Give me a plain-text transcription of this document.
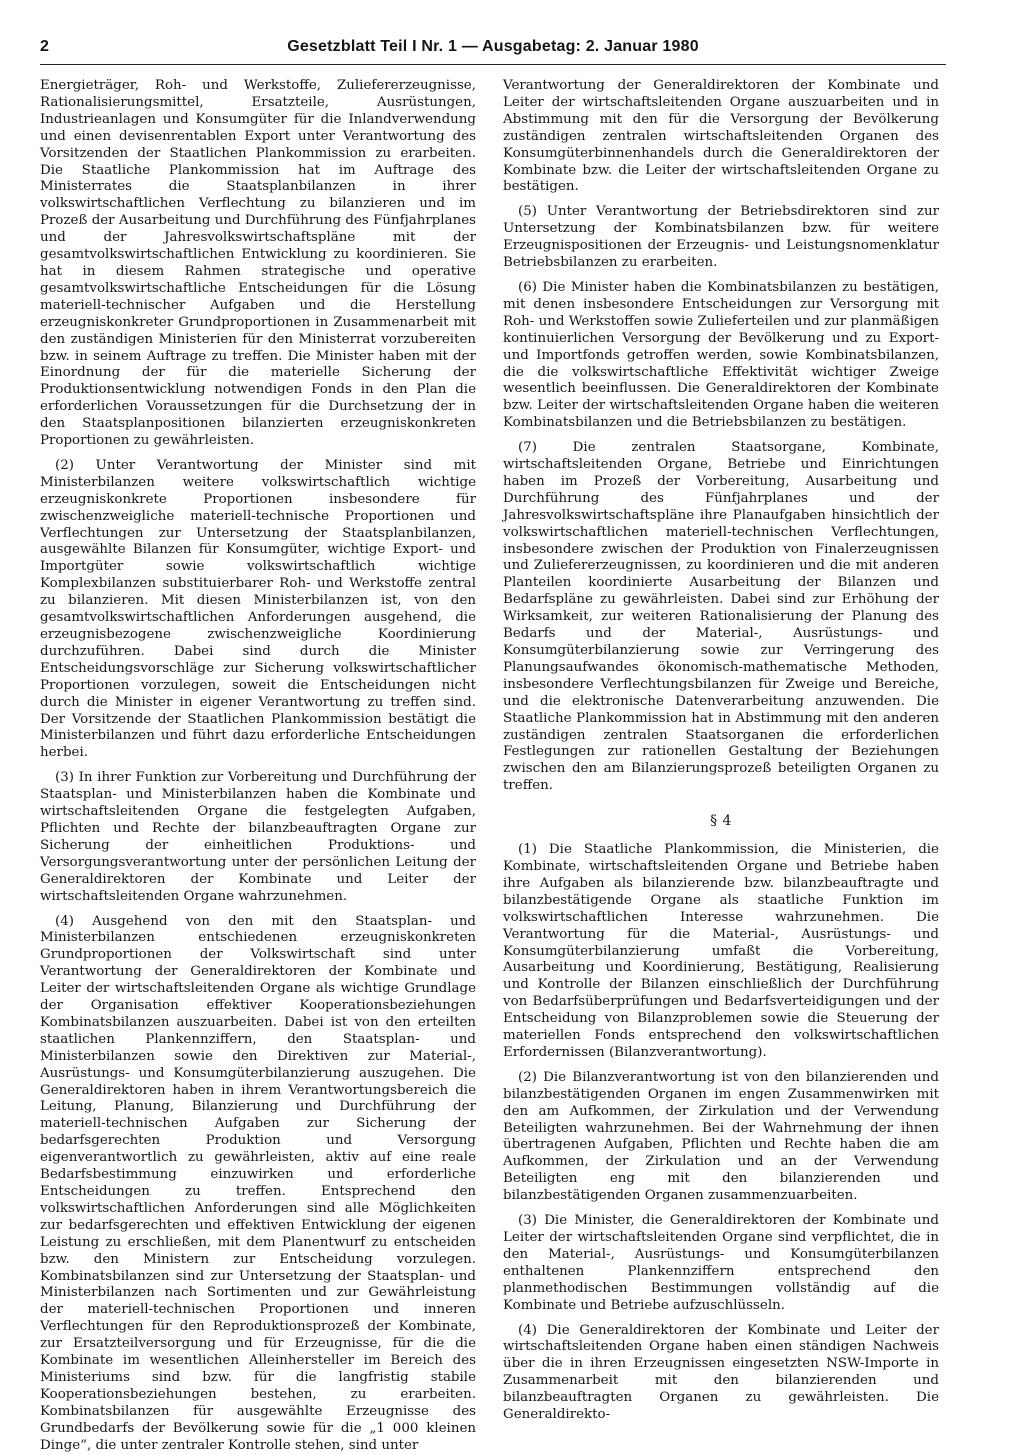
2	Gesetzblatt Teil I Nr. 1 — Ausgabetag: 2. Januar 1980

Energieträger, Roh- und Werkstoffe, Zuliefererzeugnisse, Rationalisierungsmittel, Ersatzteile, Ausrüstungen, Industrieanlagen und Konsumgüter für die Inlandverwendung und einen devisenrentablen Export unter Verantwortung des Vorsitzenden der Staatlichen Plankommission zu erarbeiten. Die Staatliche Plankommission hat im Auftrage des Ministerrates die Staatsplanbilanzen in ihrer volkswirtschaftlichen Verflechtung zu bilanzieren und im Prozeß der Ausarbeitung und Durchführung des Fünfjahrplanes und der Jahresvolkswirtschaftspläne mit der gesamtvolkswirtschaftlichen Entwicklung zu koordinieren. Sie hat in diesem Rahmen strategische und operative gesamtvolkswirtschaftliche Entscheidungen für die Lösung materiell-technischer Aufgaben und die Herstellung erzeugniskonkreter Grundproportionen in Zusammenarbeit mit den zuständigen Ministerien für den Ministerrat vorzubereiten bzw. in seinem Auftrage zu treffen. Die Minister haben mit der Einordnung der für die materielle Sicherung der Produktionsentwicklung notwendigen Fonds in den Plan die erforderlichen Voraussetzungen für die Durchsetzung der in den Staatsplanpositionen bilanzierten erzeugniskonkreten Proportionen zu gewährleisten.

(2) Unter Verantwortung der Minister sind mit Ministerbilanzen weitere volkswirtschaftlich wichtige erzeugniskonkrete Proportionen insbesondere für zwischenzweigliche materiell-technische Proportionen und Verflechtungen zur Untersetzung der Staatsplanbilanzen, ausgewählte Bilanzen für Konsumgüter, wichtige Export- und Importgüter sowie volkswirtschaftlich wichtige Komplexbilanzen substituierbarer Roh- und Werkstoffe zentral zu bilanzieren. Mit diesen Ministerbilanzen ist, von den gesamtvolkswirtschaftlichen Anforderungen ausgehend, die erzeugnisbezogene zwischenzweigliche Koordinierung durchzuführen. Dabei sind durch die Minister Entscheidungsvorschläge zur Sicherung volkswirtschaftlicher Proportionen vorzulegen, soweit die Entscheidungen nicht durch die Minister in eigener Verantwortung zu treffen sind. Der Vorsitzende der Staatlichen Plankommission bestätigt die Ministerbilanzen und führt dazu erforderliche Entscheidungen herbei.

(3) In ihrer Funktion zur Vorbereitung und Durchführung der Staatsplan- und Ministerbilanzen haben die Kombinate und wirtschaftsleitenden Organe die festgelegten Aufgaben, Pflichten und Rechte der bilanzbeauftragten Organe zur Sicherung der einheitlichen Produktions- und Versorgungsverantwortung unter der persönlichen Leitung der Generaldirektoren der Kombinate und Leiter der wirtschaftsleitenden Organe wahrzunehmen.

(4) Ausgehend von den mit den Staatsplan- und Ministerbilanzen entschiedenen erzeugniskonkreten Grundproportionen der Volkswirtschaft sind unter Verantwortung der Generaldirektoren der Kombinate und Leiter der wirtschaftsleitenden Organe als wichtige Grundlage der Organisation effektiver Kooperationsbeziehungen Kombinatsbilanzen auszuarbeiten. Dabei ist von den erteilten staatlichen Plankennziffern, den Staatsplan- und Ministerbilanzen sowie den Direktiven zur Material-, Ausrüstungs- und Konsumgüterbilanzierung auszugehen. Die Generaldirektoren haben in ihrem Verantwortungsbereich die Leitung, Planung, Bilanzierung und Durchführung der materiell-technischen Aufgaben zur Sicherung der bedarfsgerechten Produktion und Versorgung eigenverantwortlich zu gewährleisten, aktiv auf eine reale Bedarfsbestimmung einzuwirken und erforderliche Entscheidungen zu treffen. Entsprechend den volkswirtschaftlichen Anforderungen sind alle Möglichkeiten zur bedarfsgerechten und effektiven Entwicklung der eigenen Leistung zu erschließen, mit dem Planentwurf zu entscheiden bzw. den Ministern zur Entscheidung vorzulegen. Kombinatsbilanzen sind zur Untersetzung der Staatsplan- und Ministerbilanzen nach Sortimenten und zur Gewährleistung der materiell-technischen Proportionen und inneren Verflechtungen für den Reproduktionsprozeß der Kombinate, zur Ersatzteilversorgung und für Erzeugnisse, für die die Kombinate im wesentlichen Alleinhersteller im Bereich des Ministeriums sind bzw. für die langfristig stabile Kooperationsbeziehungen bestehen, zu erarbeiten. Kombinatsbilanzen für ausgewählte Erzeugnisse des Grundbedarfs der Bevölkerung sowie für die „1 000 kleinen Dinge“, die unter zentraler Kontrolle stehen, sind unter

Verantwortung der Generaldirektoren der Kombinate und Leiter der wirtschaftsleitenden Organe auszuarbeiten und in Abstimmung mit den für die Versorgung der Bevölkerung zuständigen zentralen wirtschaftsleitenden Organen des Konsumgüterbinnenhandels durch die Generaldirektoren der Kombinate bzw. die Leiter der wirtschaftsleitenden Organe zu bestätigen.

(5) Unter Verantwortung der Betriebsdirektoren sind zur Untersetzung der Kombinatsbilanzen bzw. für weitere Erzeugnispositionen der Erzeugnis- und Leistungsnomenklatur Betriebsbilanzen zu erarbeiten.

(6) Die Minister haben die Kombinatsbilanzen zu bestätigen, mit denen insbesondere Entscheidungen zur Versorgung mit Roh- und Werkstoffen sowie Zulieferteilen und zur planmäßigen kontinuierlichen Versorgung der Bevölkerung und zu Export- und Importfonds getroffen werden, sowie Kombinatsbilanzen, die die volkswirtschaftliche Effektivität wichtiger Zweige wesentlich beeinflussen. Die Generaldirektoren der Kombinate bzw. Leiter der wirtschaftsleitenden Organe haben die weiteren Kombinatsbilanzen und die Betriebsbilanzen zu bestätigen.

(7) Die zentralen Staatsorgane, Kombinate, wirtschaftsleitenden Organe, Betriebe und Einrichtungen haben im Prozeß der Vorbereitung, Ausarbeitung und Durchführung des Fünfjahrplanes und der Jahresvolkswirtschaftspläne ihre Planaufgaben hinsichtlich der volkswirtschaftlichen materiell-technischen Verflechtungen, insbesondere zwischen der Produktion von Finalerzeugnissen und Zuliefererzeugnissen, zu koordinieren und die mit anderen Planteilen koordinierte Ausarbeitung der Bilanzen und Bedarfspläne zu gewährleisten. Dabei sind zur Erhöhung der Wirksamkeit, zur weiteren Rationalisierung der Planung des Bedarfs und der Material-, Ausrüstungs- und Konsumgüterbilanzierung sowie zur Verringerung des Planungsaufwandes ökonomisch-mathematische Methoden, insbesondere Verflechtungsbilanzen für Zweige und Bereiche, und die elektronische Datenverarbeitung anzuwenden. Die Staatliche Plankommission hat in Abstimmung mit den anderen zuständigen zentralen Staatsorganen die erforderlichen Festlegungen zur rationellen Gestaltung der Beziehungen zwischen den am Bilanzierungsprozeß beteiligten Organen zu treffen.

§ 4

(1) Die Staatliche Plankommission, die Ministerien, die Kombinate, wirtschaftsleitenden Organe und Betriebe haben ihre Aufgaben als bilanzierende bzw. bilanzbeauftragte und bilanzbestätigende Organe als staatliche Funktion im volkswirtschaftlichen Interesse wahrzunehmen. Die Verantwortung für die Material-, Ausrüstungs- und Konsumgüterbilanzierung umfaßt die Vorbereitung, Ausarbeitung und Koordinierung, Bestätigung, Realisierung und Kontrolle der Bilanzen einschließlich der Durchführung von Bedarfsüberprüfungen und Bedarfsverteidigungen und der Entscheidung von Bilanzproblemen sowie die Steuerung der materiellen Fonds entsprechend den volkswirtschaftlichen Erfordernissen (Bilanzverantwortung).

(2) Die Bilanzverantwortung ist von den bilanzierenden und bilanzbestätigenden Organen im engen Zusammenwirken mit den am Aufkommen, der Zirkulation und der Verwendung Beteiligten wahrzunehmen. Bei der Wahrnehmung der ihnen übertragenen Aufgaben, Pflichten und Rechte haben die am Aufkommen, der Zirkulation und an der Verwendung Beteiligten eng mit den bilanzierenden und bilanzbestätigenden Organen zusammenzuarbeiten.

(3) Die Minister, die Generaldirektoren der Kombinate und Leiter der wirtschaftsleitenden Organe sind verpflichtet, die in den Material-, Ausrüstungs- und Konsumgüterbilanzen enthaltenen Plankennziffern entsprechend den planmethodischen Bestimmungen vollständig auf die Kombinate und Betriebe aufzuschlüsseln.

(4) Die Generaldirektoren der Kombinate und Leiter der wirtschaftsleitenden Organe haben einen ständigen Nachweis über die in ihren Erzeugnissen eingesetzten NSW-Importe in Zusammenarbeit mit den bilanzierenden und bilanzbeauftragten Organen zu gewährleisten. Die Generaldirekto-
